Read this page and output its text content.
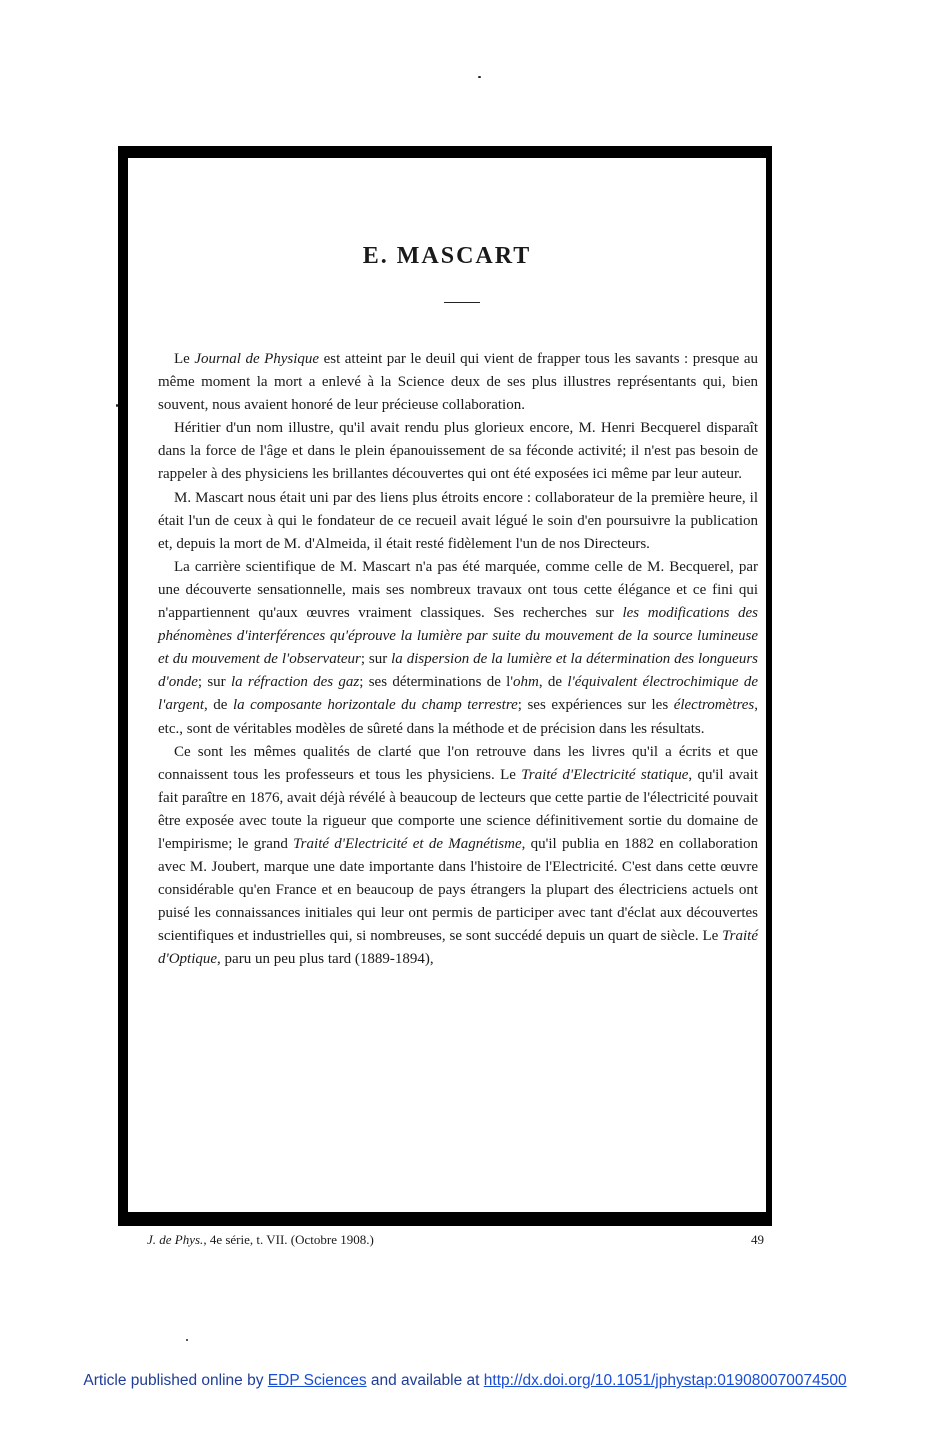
E. MASCART

Le Journal de Physique est atteint par le deuil qui vient de frapper tous les savants : presque au même moment la mort a enlevé à la Science deux de ses plus illustres représentants qui, bien souvent, nous avaient honoré de leur précieuse collaboration.

Héritier d'un nom illustre, qu'il avait rendu plus glorieux encore, M. Henri Becquerel disparaît dans la force de l'âge et dans le plein épanouissement de sa féconde activité; il n'est pas besoin de rappeler à des physiciens les brillantes découvertes qui ont été exposées ici même par leur auteur.

M. Mascart nous était uni par des liens plus étroits encore : collaborateur de la première heure, il était l'un de ceux à qui le fondateur de ce recueil avait légué le soin d'en poursuivre la publication et, depuis la mort de M. d'Almeida, il était resté fidèlement l'un de nos Directeurs.

La carrière scientifique de M. Mascart n'a pas été marquée, comme celle de M. Becquerel, par une découverte sensationnelle, mais ses nombreux travaux ont tous cette élégance et ce fini qui n'appartiennent qu'aux œuvres vraiment classiques. Ses recherches sur les modifications des phénomènes d'interférences qu'éprouve la lumière par suite du mouvement de la source lumineuse et du mouvement de l'observateur; sur la dispersion de la lumière et la détermination des longueurs d'onde; sur la réfraction des gaz; ses déterminations de l'ohm, de l'équivalent électrochimique de l'argent, de la composante horizontale du champ terrestre; ses expériences sur les électromètres, etc., sont de véritables modèles de sûreté dans la méthode et de précision dans les résultats.

Ce sont les mêmes qualités de clarté que l'on retrouve dans les livres qu'il a écrits et que connaissent tous les professeurs et tous les physiciens. Le Traité d'Electricité statique, qu'il avait fait paraître en 1876, avait déjà révélé à beaucoup de lecteurs que cette partie de l'électricité pouvait être exposée avec toute la rigueur que comporte une science définitivement sortie du domaine de l'empirisme; le grand Traité d'Electricité et de Magnétisme, qu'il publia en 1882 en collaboration avec M. Joubert, marque une date importante dans l'histoire de l'Electricité. C'est dans cette œuvre considérable qu'en France et en beaucoup de pays étrangers la plupart des électriciens actuels ont puisé les connaissances initiales qui leur ont permis de participer avec tant d'éclat aux découvertes scientifiques et industrielles qui, si nombreuses, se sont succédé depuis un quart de siècle. Le Traité d'Optique, paru un peu plus tard (1889-1894),

J. de Phys., 4e série, t. VII. (Octobre 1908.)	49
Article published online by EDP Sciences and available at http://dx.doi.org/10.1051/jphystap:019080070074500
